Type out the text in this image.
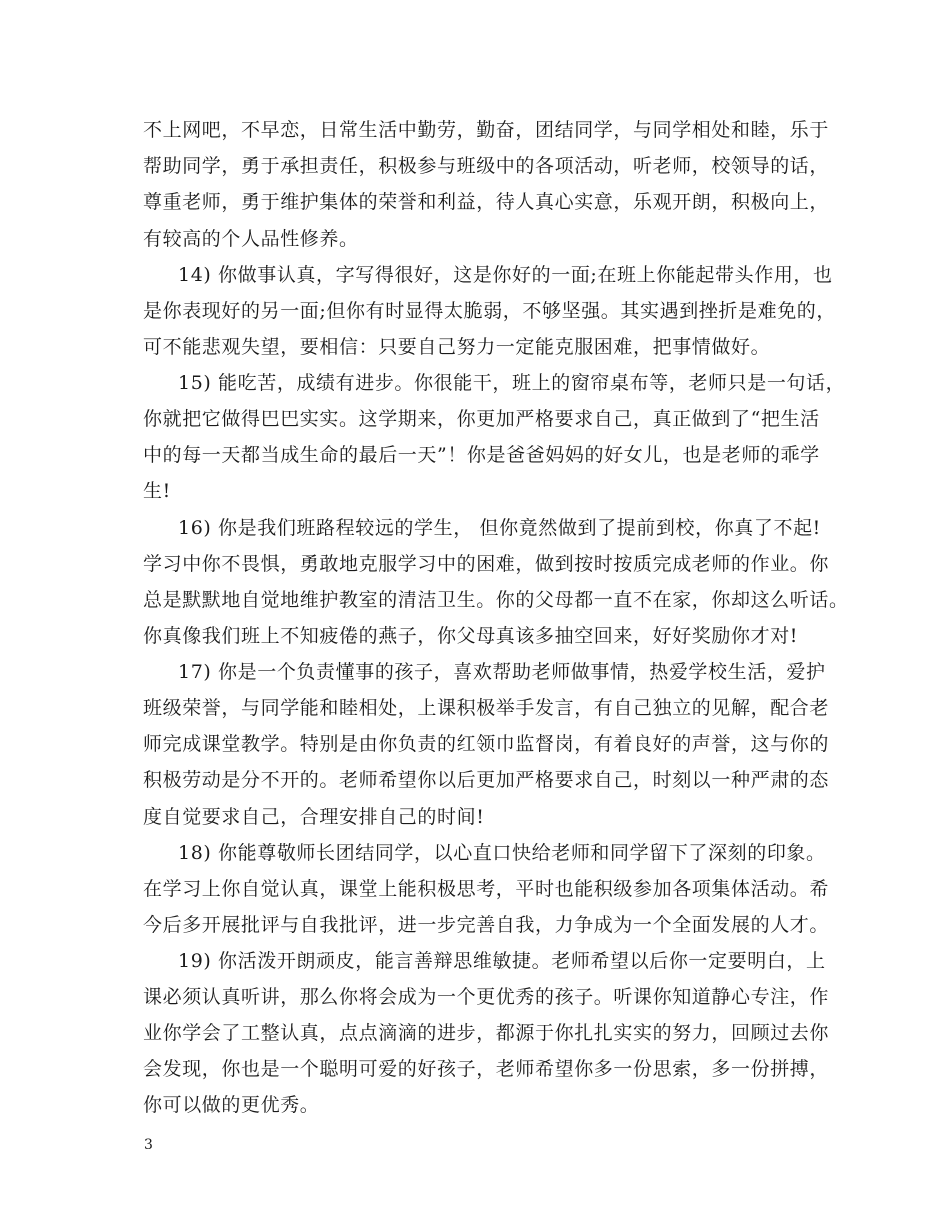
不上网吧，不早恋，日常生活中勤劳，勤奋，团结同学，与同学相处和睦，乐于
帮助同学，勇于承担责任，积极参与班级中的各项活动，听老师，校领导的话，
尊重老师，勇于维护集体的荣誉和利益，待人真心实意，乐观开朗，积极向上，
有较高的个人品性修养。
14) 你做事认真，字写得很好，这是你好的一面;在班上你能起带头作用，也
是你表现好的另一面;但你有时显得太脆弱，不够坚强。其实遇到挫折是难免的，
可不能悲观失望，要相信：只要自己努力一定能克服困难，把事情做好。
15) 能吃苦，成绩有进步。你很能干，班上的窗帘桌布等，老师只是一句话，
你就把它做得巴巴实实。这学期来，你更加严格要求自己，真正做到了“把生活
中的每一天都当成生命的最后一天”！你是爸爸妈妈的好女儿，也是老师的乖学
生!
16) 你是我们班路程较远的学生， 但你竟然做到了提前到校，你真了不起!
学习中你不畏惧，勇敢地克服学习中的困难，做到按时按质完成老师的作业。你
总是默默地自觉地维护教室的清洁卫生。你的父母都一直不在家，你却这么听话。
你真像我们班上不知疲倦的燕子，你父母真该多抽空回来，好好奖励你才对!
17) 你是一个负责懂事的孩子，喜欢帮助老师做事情，热爱学校生活，爱护
班级荣誉，与同学能和睦相处，上课积极举手发言，有自己独立的见解，配合老
师完成课堂教学。特别是由你负责的红领巾监督岗，有着良好的声誉，这与你的
积极劳动是分不开的。老师希望你以后更加严格要求自己，时刻以一种严肃的态
度自觉要求自己，合理安排自己的时间!
18) 你能尊敬师长团结同学，以心直口快给老师和同学留下了深刻的印象。
在学习上你自觉认真，课堂上能积极思考，平时也能积级参加各项集体活动。希
今后多开展批评与自我批评，进一步完善自我，力争成为一个全面发展的人才。
19) 你活泼开朗顽皮，能言善辩思维敏捷。老师希望以后你一定要明白，上
课必须认真听讲，那么你将会成为一个更优秀的孩子。听课你知道静心专注，作
业你学会了工整认真，点点滴滴的进步，都源于你扎扎实实的努力，回顾过去你
会发现，你也是一个聪明可爱的好孩子，老师希望你多一份思索，多一份拼搏，
你可以做的更优秀。
3
